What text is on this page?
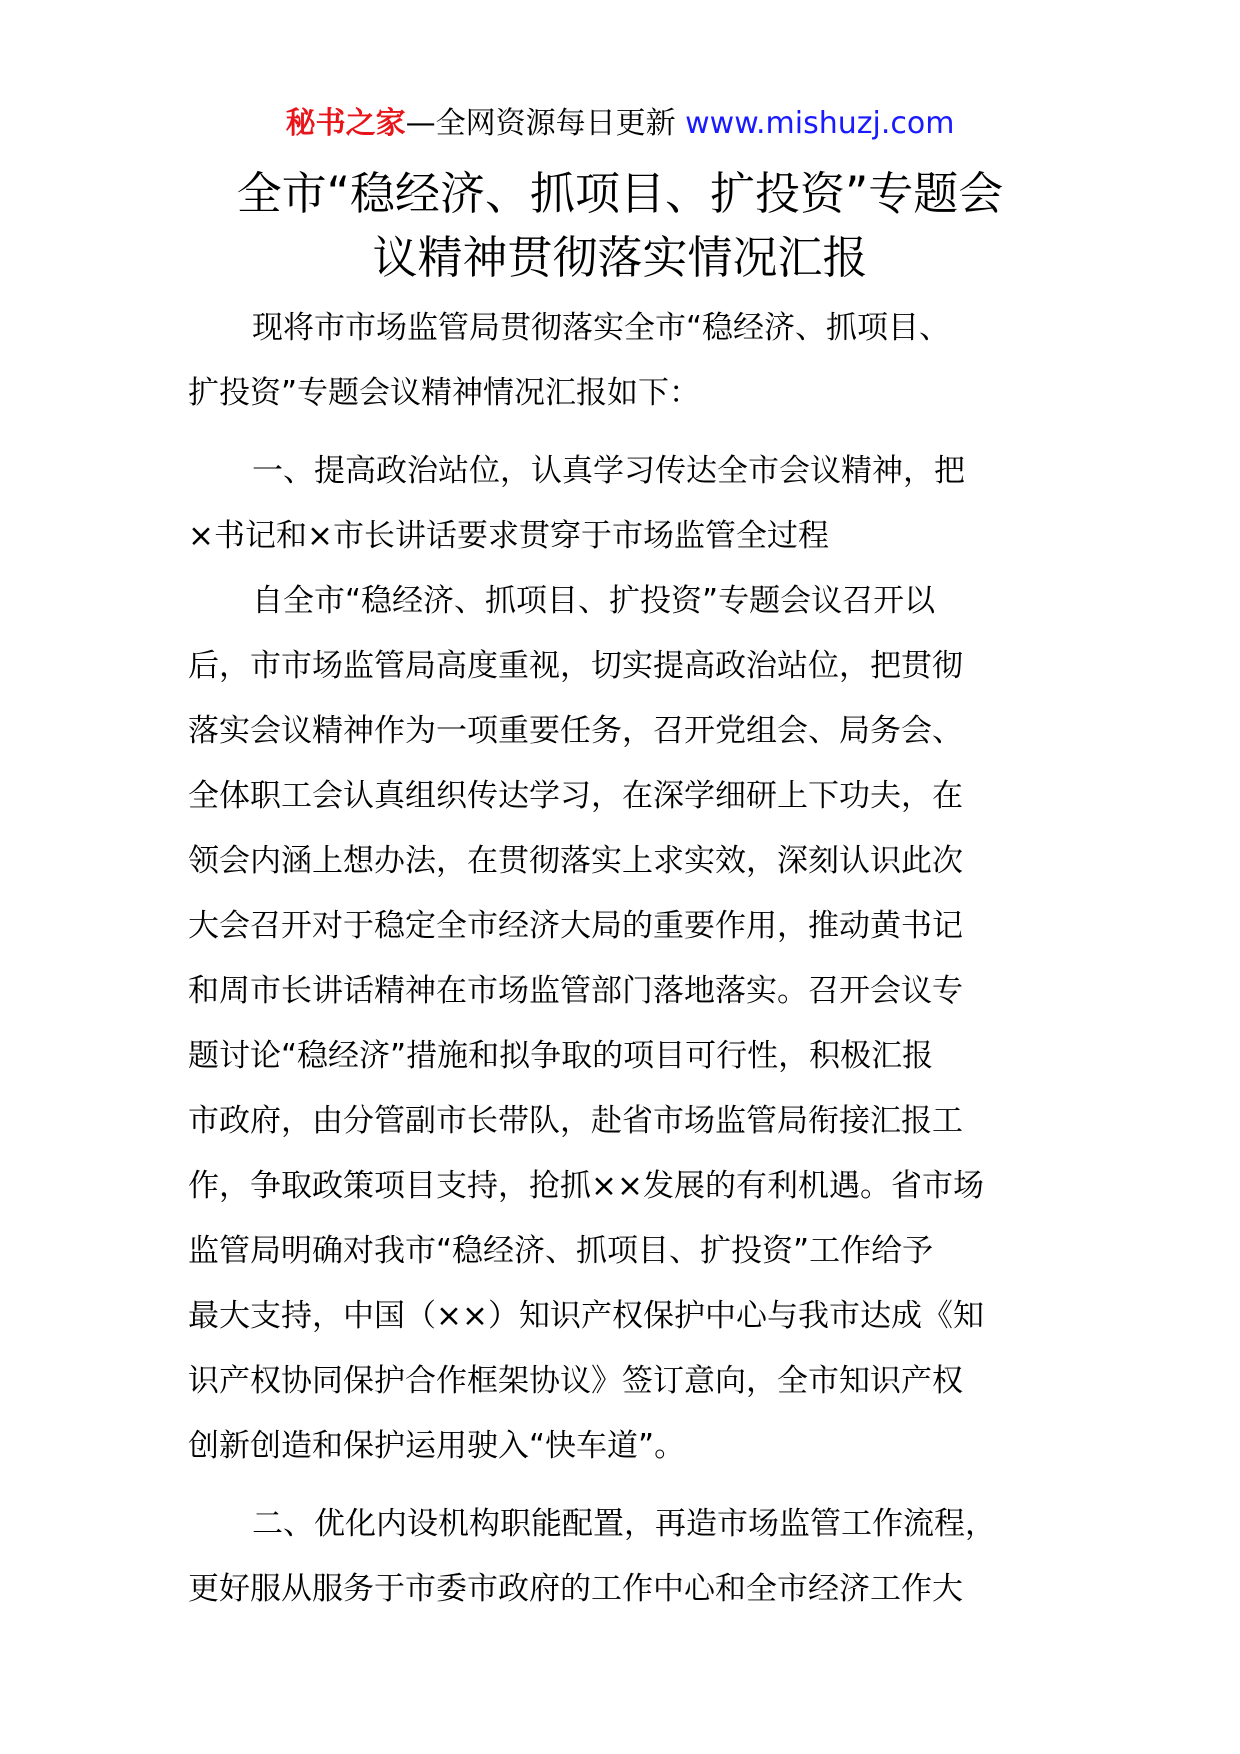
秘书之家—全网资源每日更新 www.mishuzj.com
全市“稳经济、抓项目、扩投资”专题会
议精神贯彻落实情况汇报
现将市市场监管局贯彻落实全市“稳经济、抓项目、
扩投资”专题会议精神情况汇报如下：
一、提高政治站位，认真学习传达全市会议精神，把
×书记和×市长讲话要求贯穿于市场监管全过程
自全市“稳经济、抓项目、扩投资”专题会议召开以
后，市市场监管局高度重视，切实提高政治站位，把贯彻
落实会议精神作为一项重要任务，召开党组会、局务会、
全体职工会认真组织传达学习，在深学细研上下功夫，在
领会内涵上想办法，在贯彻落实上求实效，深刻认识此次
大会召开对于稳定全市经济大局的重要作用，推动黄书记
和周市长讲话精神在市场监管部门落地落实。召开会议专
题讨论“稳经济”措施和拟争取的项目可行性，积极汇报
市政府，由分管副市长带队，赴省市场监管局衔接汇报工
作，争取政策项目支持，抢抓××发展的有利机遇。省市场
监管局明确对我市“稳经济、抓项目、扩投资”工作给予
最大支持，中国（××）知识产权保护中心与我市达成《知
识产权协同保护合作框架协议》签订意向，全市知识产权
创新创造和保护运用驶入“快车道”。
二、优化内设机构职能配置，再造市场监管工作流程，
更好服从服务于市委市政府的工作中心和全市经济工作大
